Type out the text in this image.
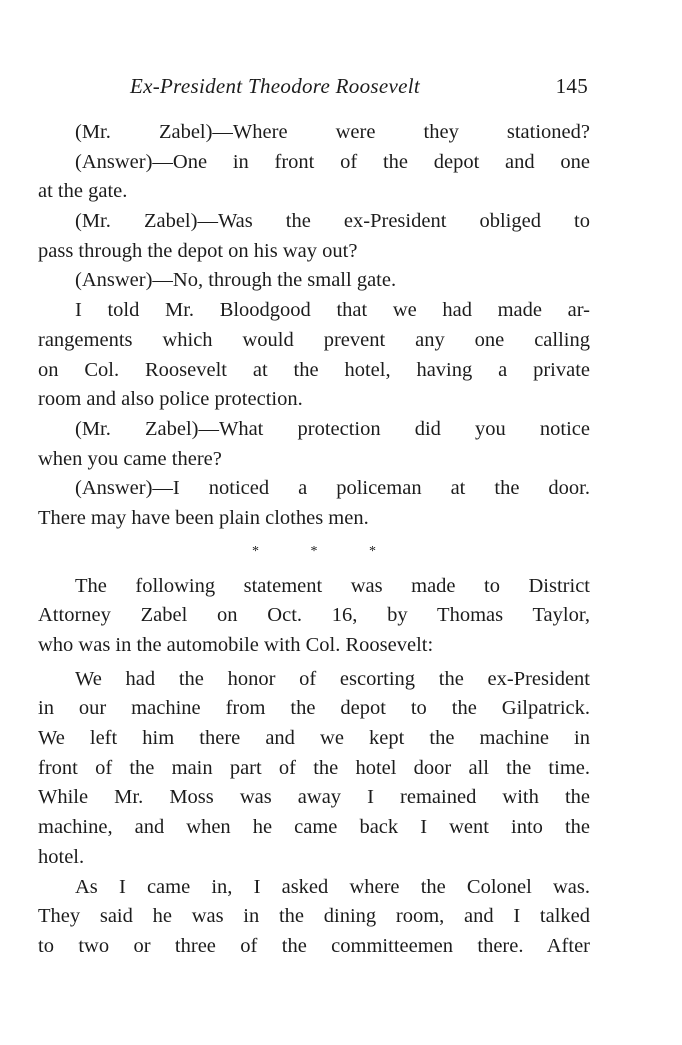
Ex-President Theodore Roosevelt	145
(Mr. Zabel)—Where were they stationed?
(Answer)—One in front of the depot and one
at the gate.
(Mr. Zabel)—Was the ex-President obliged to
pass through the depot on his way out?
(Answer)—No, through the small gate.
I told Mr. Bloodgood that we had made ar-
rangements which would prevent any one calling
on Col. Roosevelt at the hotel, having a private
room and also police protection.
(Mr. Zabel)—What protection did you notice
when you came there?
(Answer)—I noticed a policeman at the door.
There may have been plain clothes men.
*	*	*
The following statement was made to District
Attorney Zabel on Oct. 16, by Thomas Taylor,
who was in the automobile with Col. Roosevelt:
We had the honor of escorting the ex-President
in our machine from the depot to the Gilpatrick.
We left him there and we kept the machine in
front of the main part of the hotel door all the time.
While Mr. Moss was away I remained with the
machine, and when he came back I went into the
hotel.
As I came in, I asked where the Colonel was.
They said he was in the dining room, and I talked
to two or three of the committeemen there. After
